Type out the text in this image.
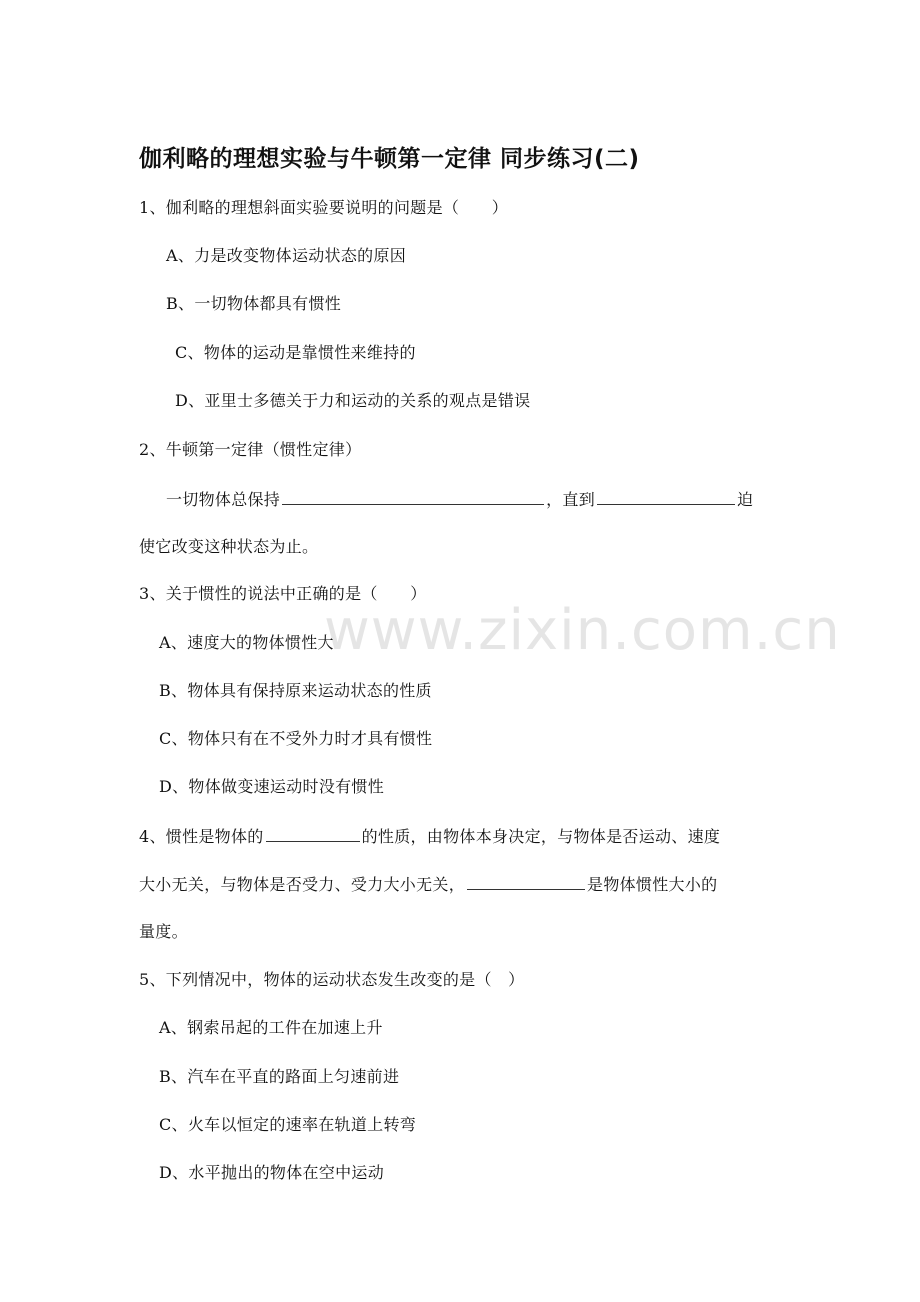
www.zixin.com.cn
伽利略的理想实验与牛顿第一定律 同步练习(二)
1、伽利略的理想斜面实验要说明的问题是（　　）
A、力是改变物体运动状态的原因
B、一切物体都具有惯性
C、物体的运动是靠惯性来维持的
D、亚里士多德关于力和运动的关系的观点是错误
2、牛顿第一定律（惯性定律）
一切物体总保持	，直到	迫
使它改变这种状态为止。
3、关于惯性的说法中正确的是（　　）
A、速度大的物体惯性大
B、物体具有保持原来运动状态的性质
C、物体只有在不受外力时才具有惯性
D、物体做变速运动时没有惯性
4、惯性是物体的	的性质，由物体本身决定，与物体是否运动、速度
大小无关，与物体是否受力、受力大小无关，	是物体惯性大小的
量度。
5、下列情况中，物体的运动状态发生改变的是（　）
A、钢索吊起的工件在加速上升
B、汽车在平直的路面上匀速前进
C、火车以恒定的速率在轨道上转弯
D、水平抛出的物体在空中运动
